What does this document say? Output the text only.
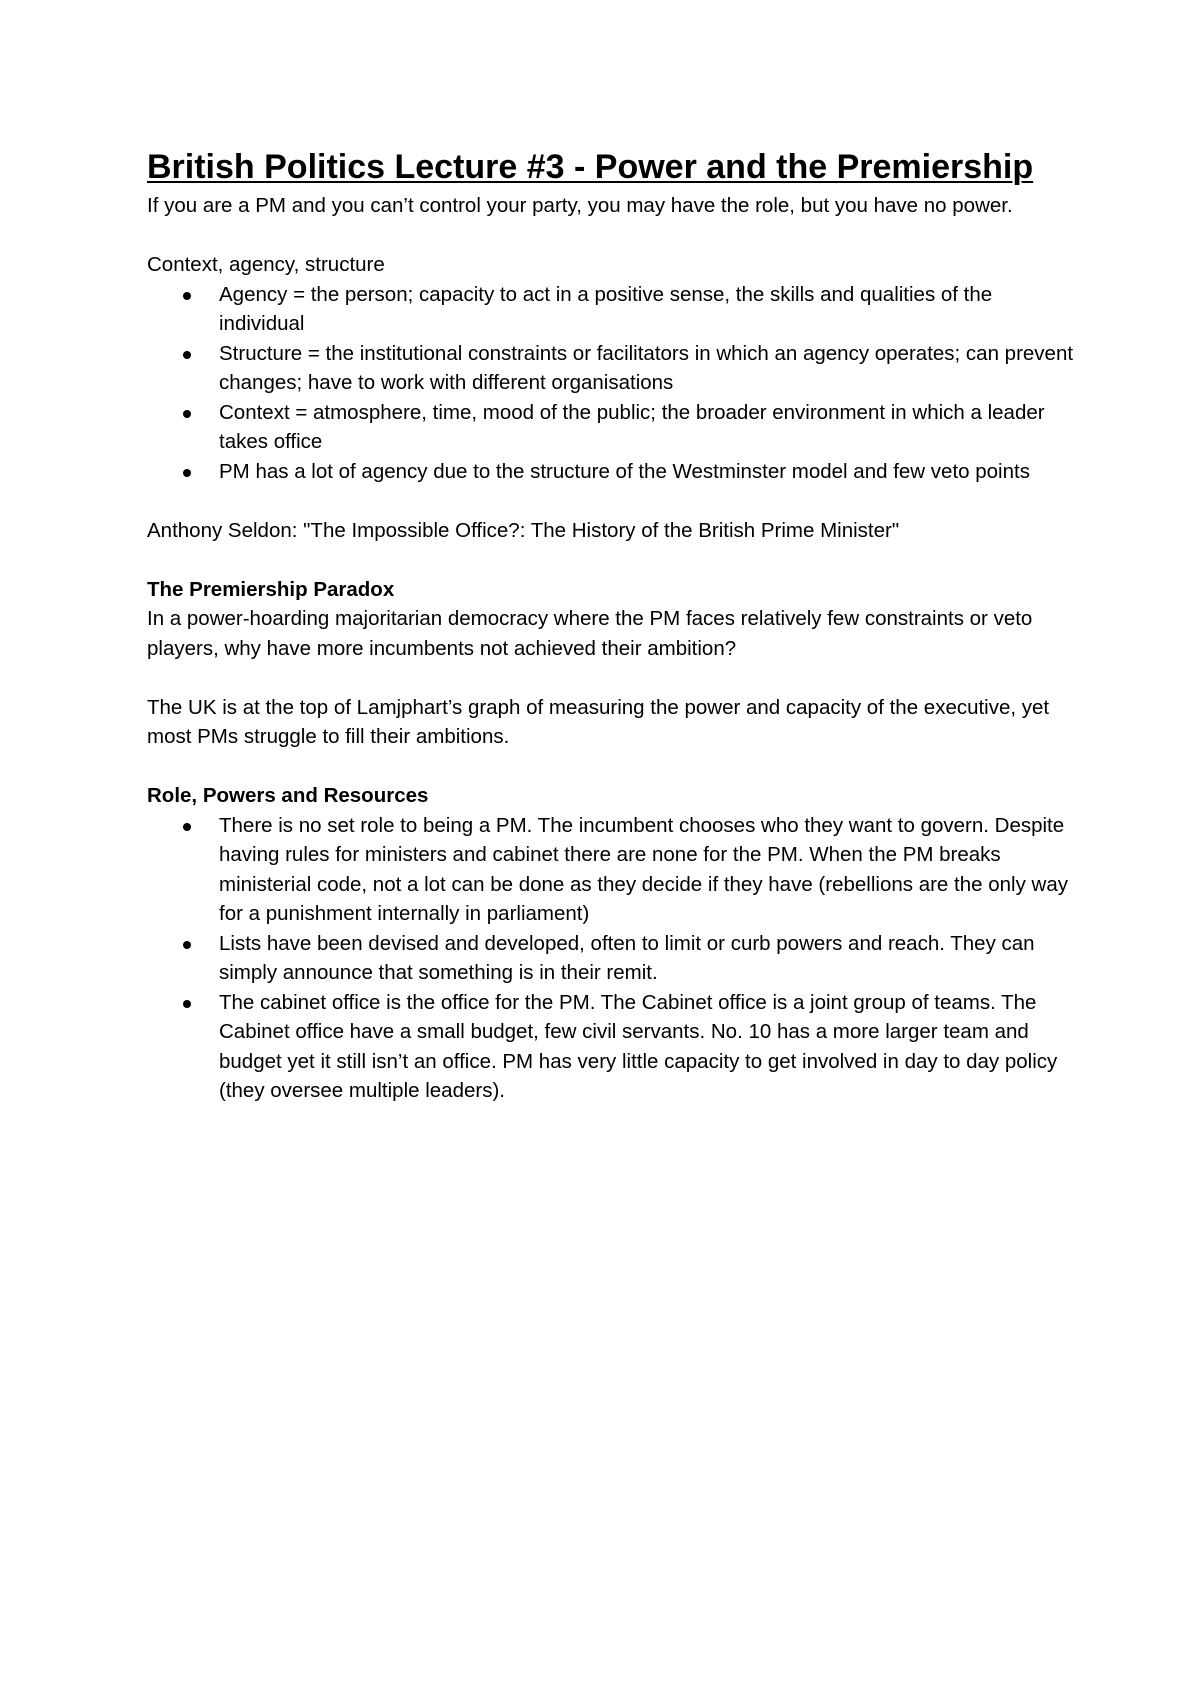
British Politics Lecture #3 - Power and the Premiership

If you are a PM and you can’t control your party, you may have the role, but you have no power.

Context, agency, structure

Agency = the person; capacity to act in a positive sense, the skills and qualities of the individual
Structure = the institutional constraints or facilitators in which an agency operates; can prevent changes; have to work with different organisations
Context = atmosphere, time, mood of the public; the broader environment in which a leader takes office
PM has a lot of agency due to the structure of the Westminster model and few veto points

Anthony Seldon: "The Impossible Office?: The History of the British Prime Minister"

The Premiership Paradox

In a power-hoarding majoritarian democracy where the PM faces relatively few constraints or veto players, why have more incumbents not achieved their ambition?

The UK is at the top of Lamjphart’s graph of measuring the power and capacity of the executive, yet most PMs struggle to fill their ambitions.

Role, Powers and Resources
There is no set role to being a PM. The incumbent chooses who they want to govern. Despite having rules for ministers and cabinet there are none for the PM. When the PM breaks ministerial code, not a lot can be done as they decide if they have (rebellions are the only way for a punishment internally in parliament)
Lists have been devised and developed, often to limit or curb powers and reach. They can simply announce that something is in their remit.
The cabinet office is the office for the PM. The Cabinet office is a joint group of teams. The Cabinet office have a small budget, few civil servants. No. 10 has a more larger team and budget yet it still isn’t an office. PM has very little capacity to get involved in day to day policy (they oversee multiple leaders).
